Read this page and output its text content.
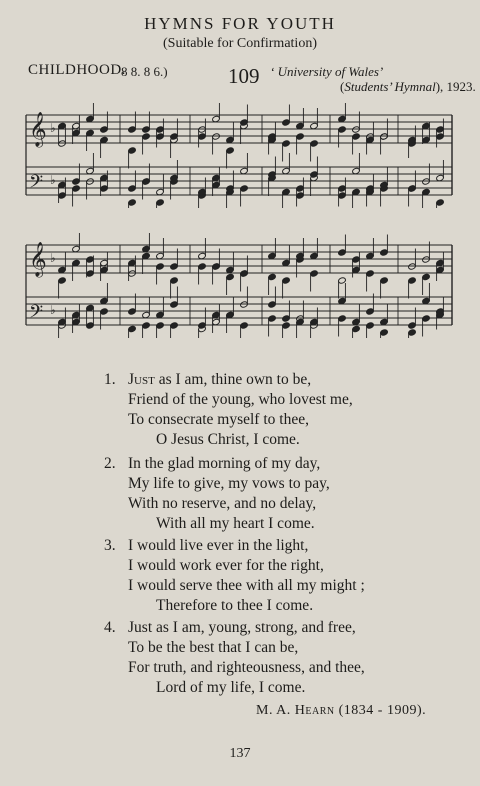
HYMNS FOR YOUTH
(Suitable for Confirmation)
CHILDHOOD.
8 8. 8 6.)	109 ‘ University of Wales’
(Students’ Hymnal), 1923.
𝄞 ♭
𝄢 ♭
𝄞 ♭
𝄢 ♭
1. Just as I am, thine own to be,
Friend of the young, who lovest me,
To consecrate myself to thee,
O Jesus Christ, I come.
2. In the glad morning of my day,
My life to give, my vows to pay,
With no reserve, and no delay,
With all my heart I come.
3. I would live ever in the light,
I would work ever for the right,
I would serve thee with all my might ;
Therefore to thee I come.
4. Just as I am, young, strong, and free,
To be the best that I can be,
For truth, and righteousness, and thee,
Lord of my life, I come.
M. A. Hearn (1834 - 1909).
137
